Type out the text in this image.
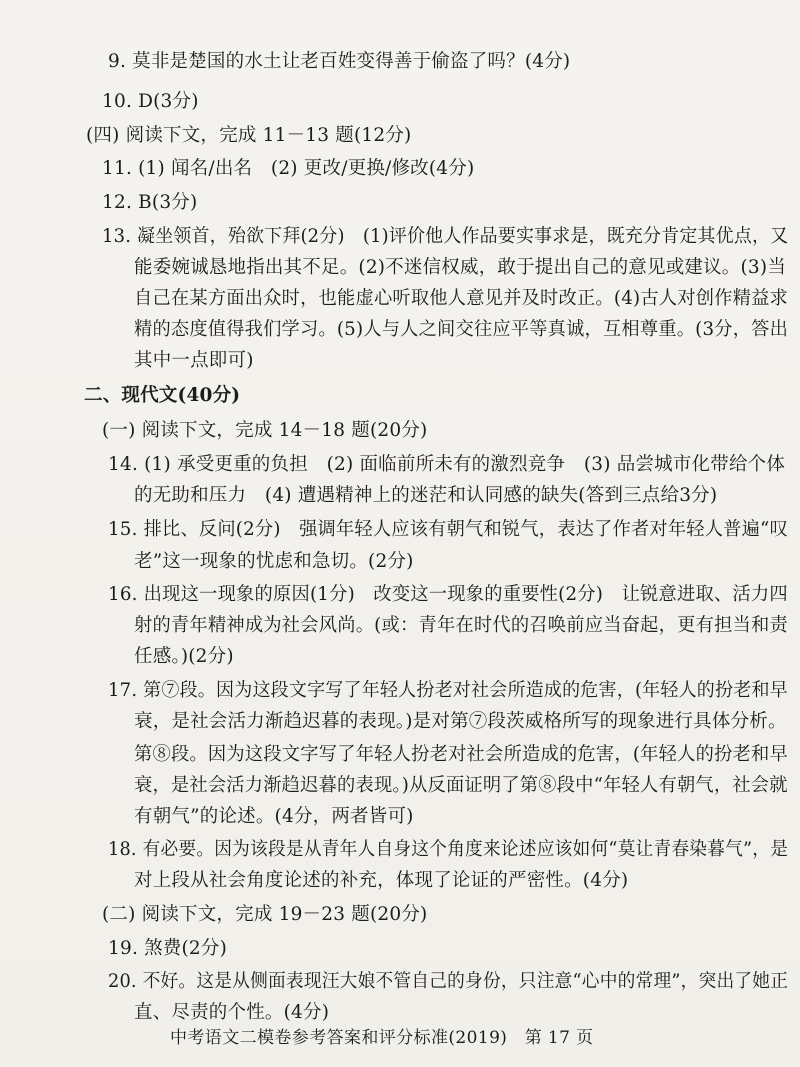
9. 莫非是楚国的水土让老百姓变得善于偷盗了吗？(4分)
10. D(3分)
(四) 阅读下文，完成 11－13 题(12分)
11. (1) 闻名/出名　(2) 更改/更换/修改(4分)
12. B(3分)
13. 凝坐领首，殆欲下拜(2分)　(1)评价他人作品要实事求是，既充分肯定其优点，又
能委婉诚恳地指出其不足。(2)不迷信权威，敢于提出自己的意见或建议。(3)当
自己在某方面出众时，也能虚心听取他人意见并及时改正。(4)古人对创作精益求
精的态度值得我们学习。(5)人与人之间交往应平等真诚，互相尊重。(3分，答出
其中一点即可)
二、现代文(40分)
(一) 阅读下文，完成 14－18 题(20分)
14. (1) 承受更重的负担　(2) 面临前所未有的激烈竞争　(3) 品尝城市化带给个体
的无助和压力　(4) 遭遇精神上的迷茫和认同感的缺失(答到三点给3分)
15. 排比、反问(2分)　强调年轻人应该有朝气和锐气，表达了作者对年轻人普遍“叹
老”这一现象的忧虑和急切。(2分)
16. 出现这一现象的原因(1分)　改变这一现象的重要性(2分)　让锐意进取、活力四
射的青年精神成为社会风尚。(或：青年在时代的召唤前应当奋起，更有担当和责
任感。)(2分)
17. 第⑦段。因为这段文字写了年轻人扮老对社会所造成的危害，(年轻人的扮老和早
衰，是社会活力渐趋迟暮的表现。)是对第⑦段茨威格所写的现象进行具体分析。
第⑧段。因为这段文字写了年轻人扮老对社会所造成的危害，(年轻人的扮老和早
衰，是社会活力渐趋迟暮的表现。)从反面证明了第⑧段中“年轻人有朝气，社会就
有朝气”的论述。(4分，两者皆可)
18. 有必要。因为该段是从青年人自身这个角度来论述应该如何“莫让青春染暮气”，是
对上段从社会角度论述的补充，体现了论证的严密性。(4分)
(二) 阅读下文，完成 19－23 题(20分)
19. 煞费(2分)
20. 不好。这是从侧面表现汪大娘不管自己的身份，只注意“心中的常理”，突出了她正
直、尽责的个性。(4分)
中考语文二模卷参考答案和评分标准(2019)　第 17 页
